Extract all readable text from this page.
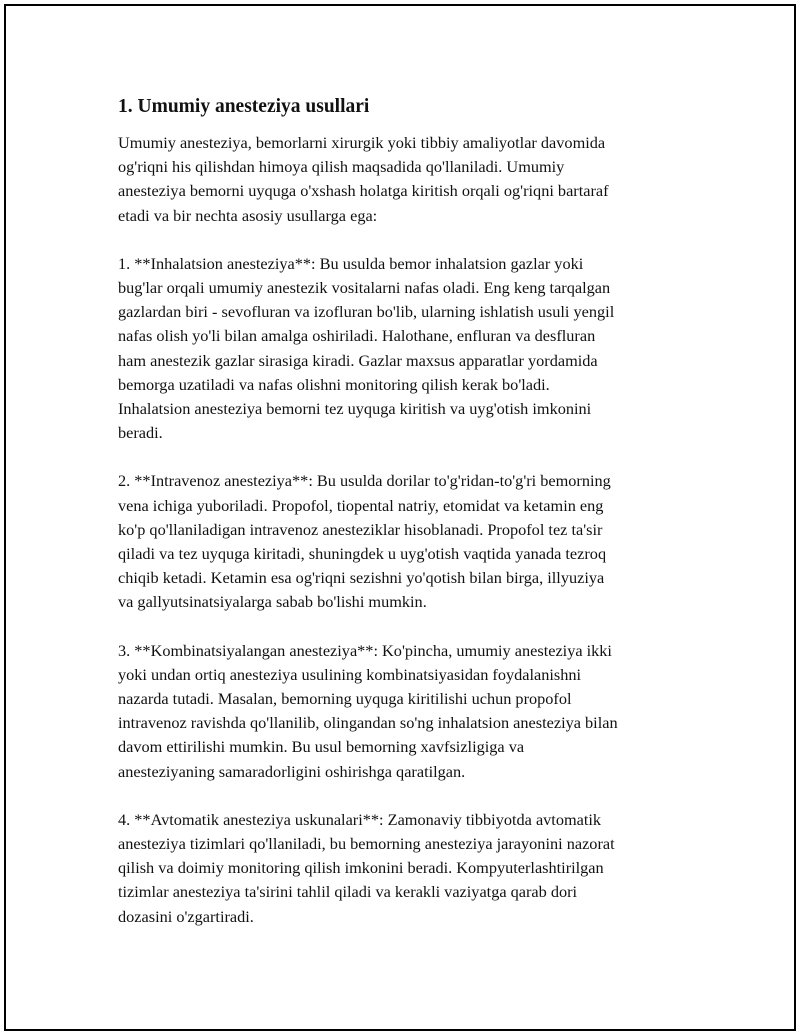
1. Umumiy anesteziya usullari

Umumiy anesteziya, bemorlarni xirurgik yoki tibbiy amaliyotlar davomida
og'riqni his qilishdan himoya qilish maqsadida qo'llaniladi. Umumiy
anesteziya bemorni uyquga o'xshash holatga kiritish orqali og'riqni bartaraf
etadi va bir nechta asosiy usullarga ega:

1. **Inhalatsion anesteziya**: Bu usulda bemor inhalatsion gazlar yoki
bug'lar orqali umumiy anestezik vositalarni nafas oladi. Eng keng tarqalgan
gazlardan biri - sevofluran va izofluran bo'lib, ularning ishlatish usuli yengil
nafas olish yo'li bilan amalga oshiriladi. Halothane, enfluran va desfluran
ham anestezik gazlar sirasiga kiradi. Gazlar maxsus apparatlar yordamida
bemorga uzatiladi va nafas olishni monitoring qilish kerak bo'ladi.
Inhalatsion anesteziya bemorni tez uyquga kiritish va uyg'otish imkonini
beradi.

2. **Intravenoz anesteziya**: Bu usulda dorilar to'g'ridan-to'g'ri bemorning
vena ichiga yuboriladi. Propofol, tiopental natriy, etomidat va ketamin eng
ko'p qo'llaniladigan intravenoz anesteziklar hisoblanadi. Propofol tez ta'sir
qiladi va tez uyquga kiritadi, shuningdek u uyg'otish vaqtida yanada tezroq
chiqib ketadi. Ketamin esa og'riqni sezishni yo'qotish bilan birga, illyuziya
va gallyutsinatsiyalarga sabab bo'lishi mumkin.

3. **Kombinatsiyalangan anesteziya**: Ko'pincha, umumiy anesteziya ikki
yoki undan ortiq anesteziya usulining kombinatsiyasidan foydalanishni
nazarda tutadi. Masalan, bemorning uyquga kiritilishi uchun propofol
intravenoz ravishda qo'llanilib, olingandan so'ng inhalatsion anesteziya bilan
davom ettirilishi mumkin. Bu usul bemorning xavfsizligiga va
anesteziyaning samaradorligini oshirishga qaratilgan.

4. **Avtomatik anesteziya uskunalari**: Zamonaviy tibbiyotda avtomatik
anesteziya tizimlari qo'llaniladi, bu bemorning anesteziya jarayonini nazorat
qilish va doimiy monitoring qilish imkonini beradi. Kompyuterlashtirilgan
tizimlar anesteziya ta'sirini tahlil qiladi va kerakli vaziyatga qarab dori
dozasini o'zgartiradi.
